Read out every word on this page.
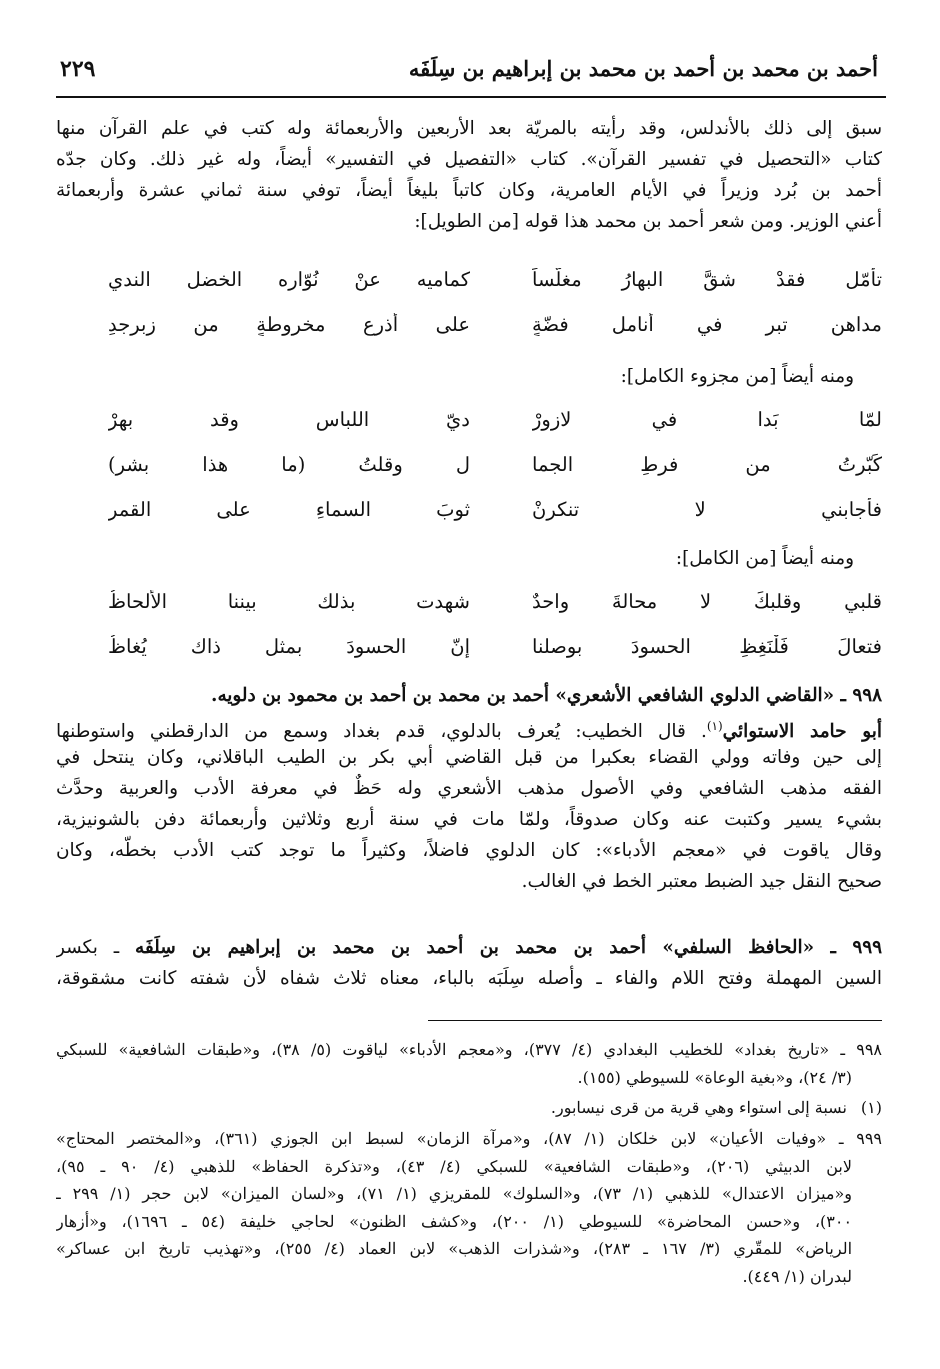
أحمد بن محمد بن أحمد بن محمد بن إبراهيم بن سِلَفَه
٢٢٩
سبق إلى ذلك بالأندلس، وقد رأيته بالمريّة بعد الأربعين والأربعمائة وله كتب في علم القرآن منها
كتاب «التحصيل في تفسير القرآن». كتاب «التفصيل في التفسير» أيضاً، وله غير ذلك. وكان جدّه
أحمد بن بُرد وزيراً في الأيام العامرية، وكان كاتباً بليغاً أيضاً، توفي سنة ثماني عشرة وأربعمائة
أعني الوزير. ومن شعر أحمد بن محمد هذا قوله [من الطويل]:
تأمّل فقدْ شقَّ البهارُ مغلّساً
كماميه عنْ نُوّاره الخضلِ الندي
مداهن تبرٍ في أناملِ فضّةٍ
على أذرعٍ مخروطةٍ من زبرجدِ
ومنه أيضاً [من مجزوء الكامل]:
لمّا بَدا في لازورْ
ديّ اللباسِ وقد بهرْ
كَبّرتُ من فرطِ الجما
لِ وقلتُ (ما هذا بشر)
فأجابني لا تنكرنْ
ثوبَ السماءِ على القمر
ومنه أيضاً [من الكامل]:
قلبي وقلبكَ لا محالةَ واحدٌ
شهدت بذلك بيننا الألحاظُ
فتعالَ فَلْنَغِظِ الحسودَ بوصلنا
إنّ الحسودَ بمثلِ ذاك يُغاظُ
٩٩٨ ـ «القاضي الدلوي الشافعي الأشعري» أحمد بن محمد بن أحمد بن محمود بن دلويه.
أبو حامد الاستوائي$^{(١)}$. قال الخطيب: يُعرف بالدلوي، قدم بغداد وسمع من الدارقطني واستوطنها
إلى حين وفاته وولي القضاء بعكبرا من قبل القاضي أبي بكر بن الطيب الباقلاني، وكان ينتحل في
الفقه مذهب الشافعي وفي الأصول مذهب الأشعري وله حَظٌ في معرفة الأدب والعربية وحدَّث
بشيء يسير وكتبت عنه وكان صدوقاً، ولمّا مات في سنة أربع وثلاثين وأربعمائة دفن بالشونيزية،
وقال ياقوت في «معجم الأدباء»: كان الدلوي فاضلاً، وكثيراً ما توجد كتب الأدب بخطّه، وكان
صحيح النقل جيد الضبط معتبر الخط في الغالب.
٩٩٩ ـ «الحافظ السلفي» أحمد بن محمد بن أحمد بن محمد بن إبراهيم بن سِلَفَه ـ بكسر
السين المهملة وفتح اللام والفاء ـ وأصله سِلَبَه بالباء، معناه ثلاث شفاه لأن شفته كانت مشقوقة،
٩٩٨ ـ «تاريخ بغداد» للخطيب البغدادي (٤/ ٣٧٧)، و«معجم الأدباء» لياقوت (٥/ ٣٨)، و«طبقات الشافعية» للسبكي
(٣/ ٢٤)، و«بغية الوعاة» للسيوطي (١٥٥).
(١) نسبة إلى استواء وهي قرية من قرى نيسابور.
٩٩٩ ـ «وفيات الأعيان» لابن خلكان (١/ ٨٧)، و«مرآة الزمان» لسبط ابن الجوزي (٣٦١)، و«المختصر المحتاج»
لابن الدبيثي (٢٠٦)، و«طبقات الشافعية» للسبكي (٤/ ٤٣)، و«تذكرة الحفاظ» للذهبي (٤/ ٩٠ ـ ٩٥)،
و«ميزان الاعتدال» للذهبي (١/ ٧٣)، و«السلوك» للمقريزي (١/ ٧١)، و«لسان الميزان» لابن حجر (١/ ٢٩٩ ـ
٣٠٠)، و«حسن المحاضرة» للسيوطي (١/ ٢٠٠)، و«كشف الظنون» لحاجي خليفة (٥٤ ـ ١٦٩٦)، و«أزهار
الرياض» للمقّري (٣/ ١٦٧ ـ ٢٨٣)، و«شذرات الذهب» لابن العماد (٤/ ٢٥٥)، و«تهذيب تاريخ ابن عساكر»
لبدران (١/ ٤٤٩).
